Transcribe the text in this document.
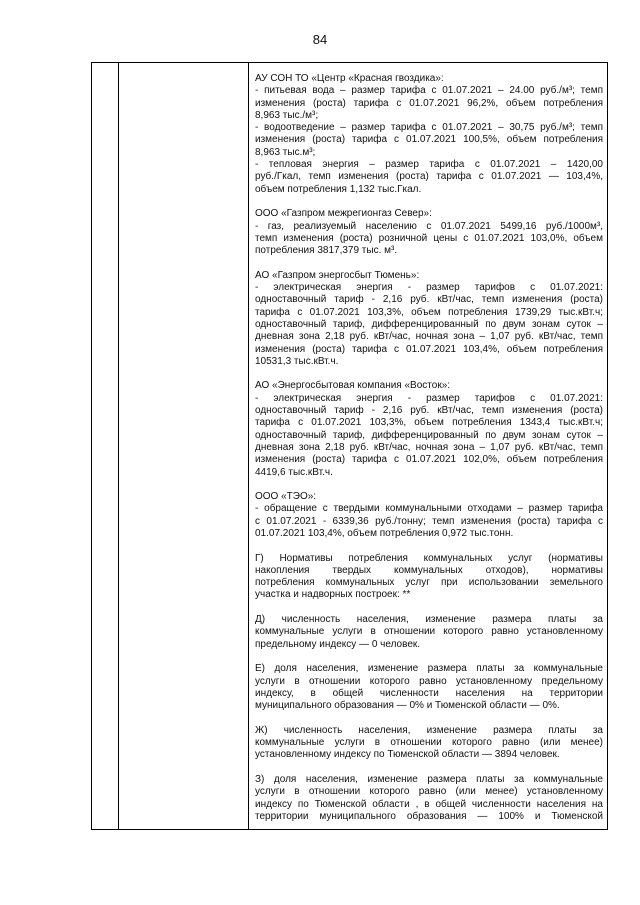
84
АУ СОН ТО «Центр «Красная гвоздика»:
- питьевая вода – размер тарифа с 01.07.2021 – 24.00 руб./м³; темп
изменения (роста) тарифа с 01.07.2021 96,2%, объем потребления
8,963 тыс./м³;
- водоотведение – размер тарифа с 01.07.2021 – 30,75 руб./м³; темп
изменения (роста) тарифа с 01.07.2021 100,5%, объем потребления
8,963 тыс.м³;
- тепловая энергия – размер тарифа с 01.07.2021 – 1420,00
руб./Гкал, темп изменения (роста) тарифа с 01.07.2021 — 103,4%,
объем потребления 1,132 тыс.Гкал.
ООО «Газпром межрегионгаз Север»:
- газ, реализуемый населению с 01.07.2021 5499,16 руб./1000м³,
темп изменения (роста) розничной цены с 01.07.2021 103,0%, объем
потребления 3817,379 тыс. м³.
АО «Газпром энергосбыт Тюмень»:
- электрическая энергия - размер тарифов с 01.07.2021:
одноставочный тариф - 2,16 руб. кВт/час, темп изменения (роста)
тарифа с 01.07.2021 103,3%, объем потребления 1739,29 тыс.кВт.ч;
одноставочный тариф, дифференцированный по двум зонам суток –
дневная зона 2,18 руб. кВт/час, ночная зона – 1,07 руб. кВт/час, темп
изменения (роста) тарифа с 01.07.2021 103,4%, объем потребления
10531,3 тыс.кВт.ч.
АО «Энергосбытовая компания «Восток»:
- электрическая энергия - размер тарифов с 01.07.2021:
одноставочный тариф - 2,16 руб. кВт/час, темп изменения (роста)
тарифа с 01.07.2021 103,3%, объем потребления 1343,4 тыс.кВт.ч;
одноставочный тариф, дифференцированный по двум зонам суток –
дневная зона 2,18 руб. кВт/час, ночная зона – 1,07 руб. кВт/час, темп
изменения (роста) тарифа с 01.07.2021 102,0%, объем потребления
4419,6 тыс.кВт.ч.
ООО «ТЭО»:
- обращение с твердыми коммунальными отходами – размер тарифа
с 01.07.2021 - 6339,36 руб./тонну; темп изменения (роста) тарифа с
01.07.2021 103,4%, объем потребления 0,972 тыс.тонн.
Г) Нормативы потребления коммунальных услуг (нормативы
накопления твердых коммунальных отходов), нормативы
потребления коммунальных услуг при использовании земельного
участка и надворных построек: **
Д) численность населения, изменение размера платы за
коммунальные услуги в отношении которого равно установленному
предельному индексу — 0 человек.
Е) доля населения, изменение размера платы за коммунальные
услуги в отношении которого равно установленному предельному
индексу, в общей численности населения на территории
муниципального образования — 0% и Тюменской области — 0%.
Ж) численность населения, изменение размера платы за
коммунальные услуги в отношении которого равно (или менее)
установленному индексу по Тюменской области — 3894 человек.
З) доля населения, изменение размера платы за коммунальные
услуги в отношении которого равно (или менее) установленному
индексу по Тюменской области , в общей численности населения на
территории муниципального образования — 100% и Тюменской
